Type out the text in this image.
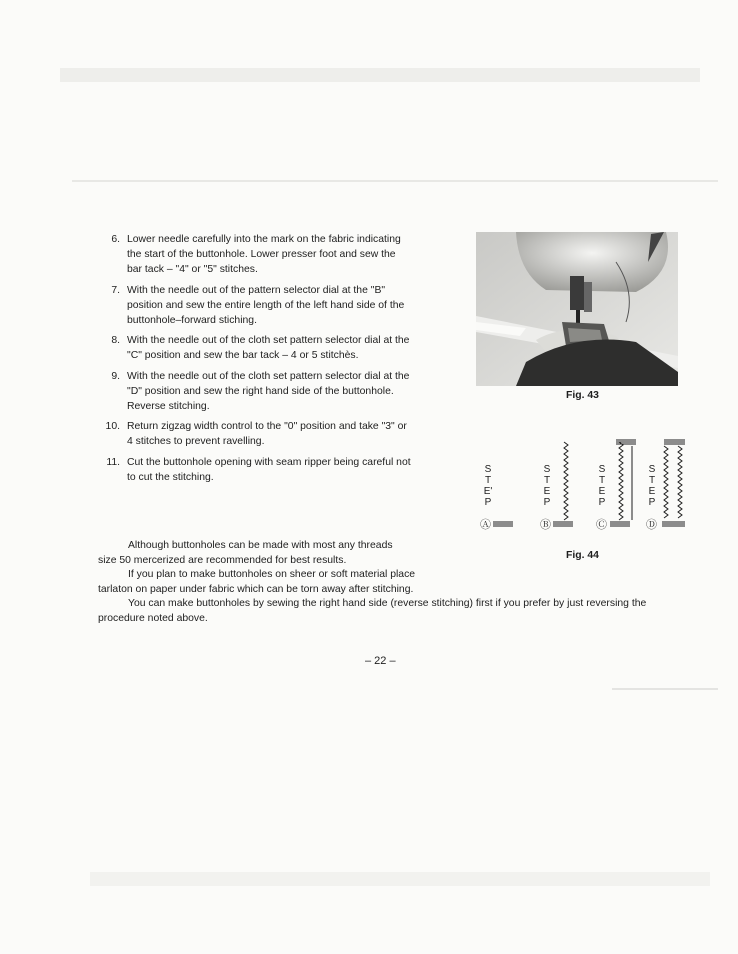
6. Lower needle carefully into the mark on the fabric indicating

the start of the buttonhole. Lower presser foot and sew the

bar tack – "4" or "5" stitches.

7. With the needle out of the pattern selector dial at the "B"

position and sew the entire length of the left hand side of the

buttonhole–forward stiching.

8. With the needle out of the cloth set pattern selector dial at the

"C" position and sew the bar tack – 4 or 5 stitchès.

9. With the needle out of the cloth set pattern selector dial at the

"D" position and sew the right hand side of the buttonhole.

Reverse stitching.

10. Return zigzag width control to the "0" position and take "3" or

4 stitches to prevent ravelling.

11. Cut the buttonhole opening with seam ripper being careful not

to cut the stitching.

Fig. 43
S
T
E'
P
Ⓐ
S
T
E
P
Ⓑ
S
T
E
P
Ⓒ
S
T
E
P
Ⓓ
Fig. 44
Although buttonholes can be made with most any threads
size 50 mercerized are recommended for best results.
If you plan to make buttonholes on sheer or soft material place
tarlaton on paper under fabric which can be torn away after stitching.
You can make buttonholes by sewing the right hand side (reverse stitching) first if you prefer by just reversing the
procedure noted above.
– 22 –
